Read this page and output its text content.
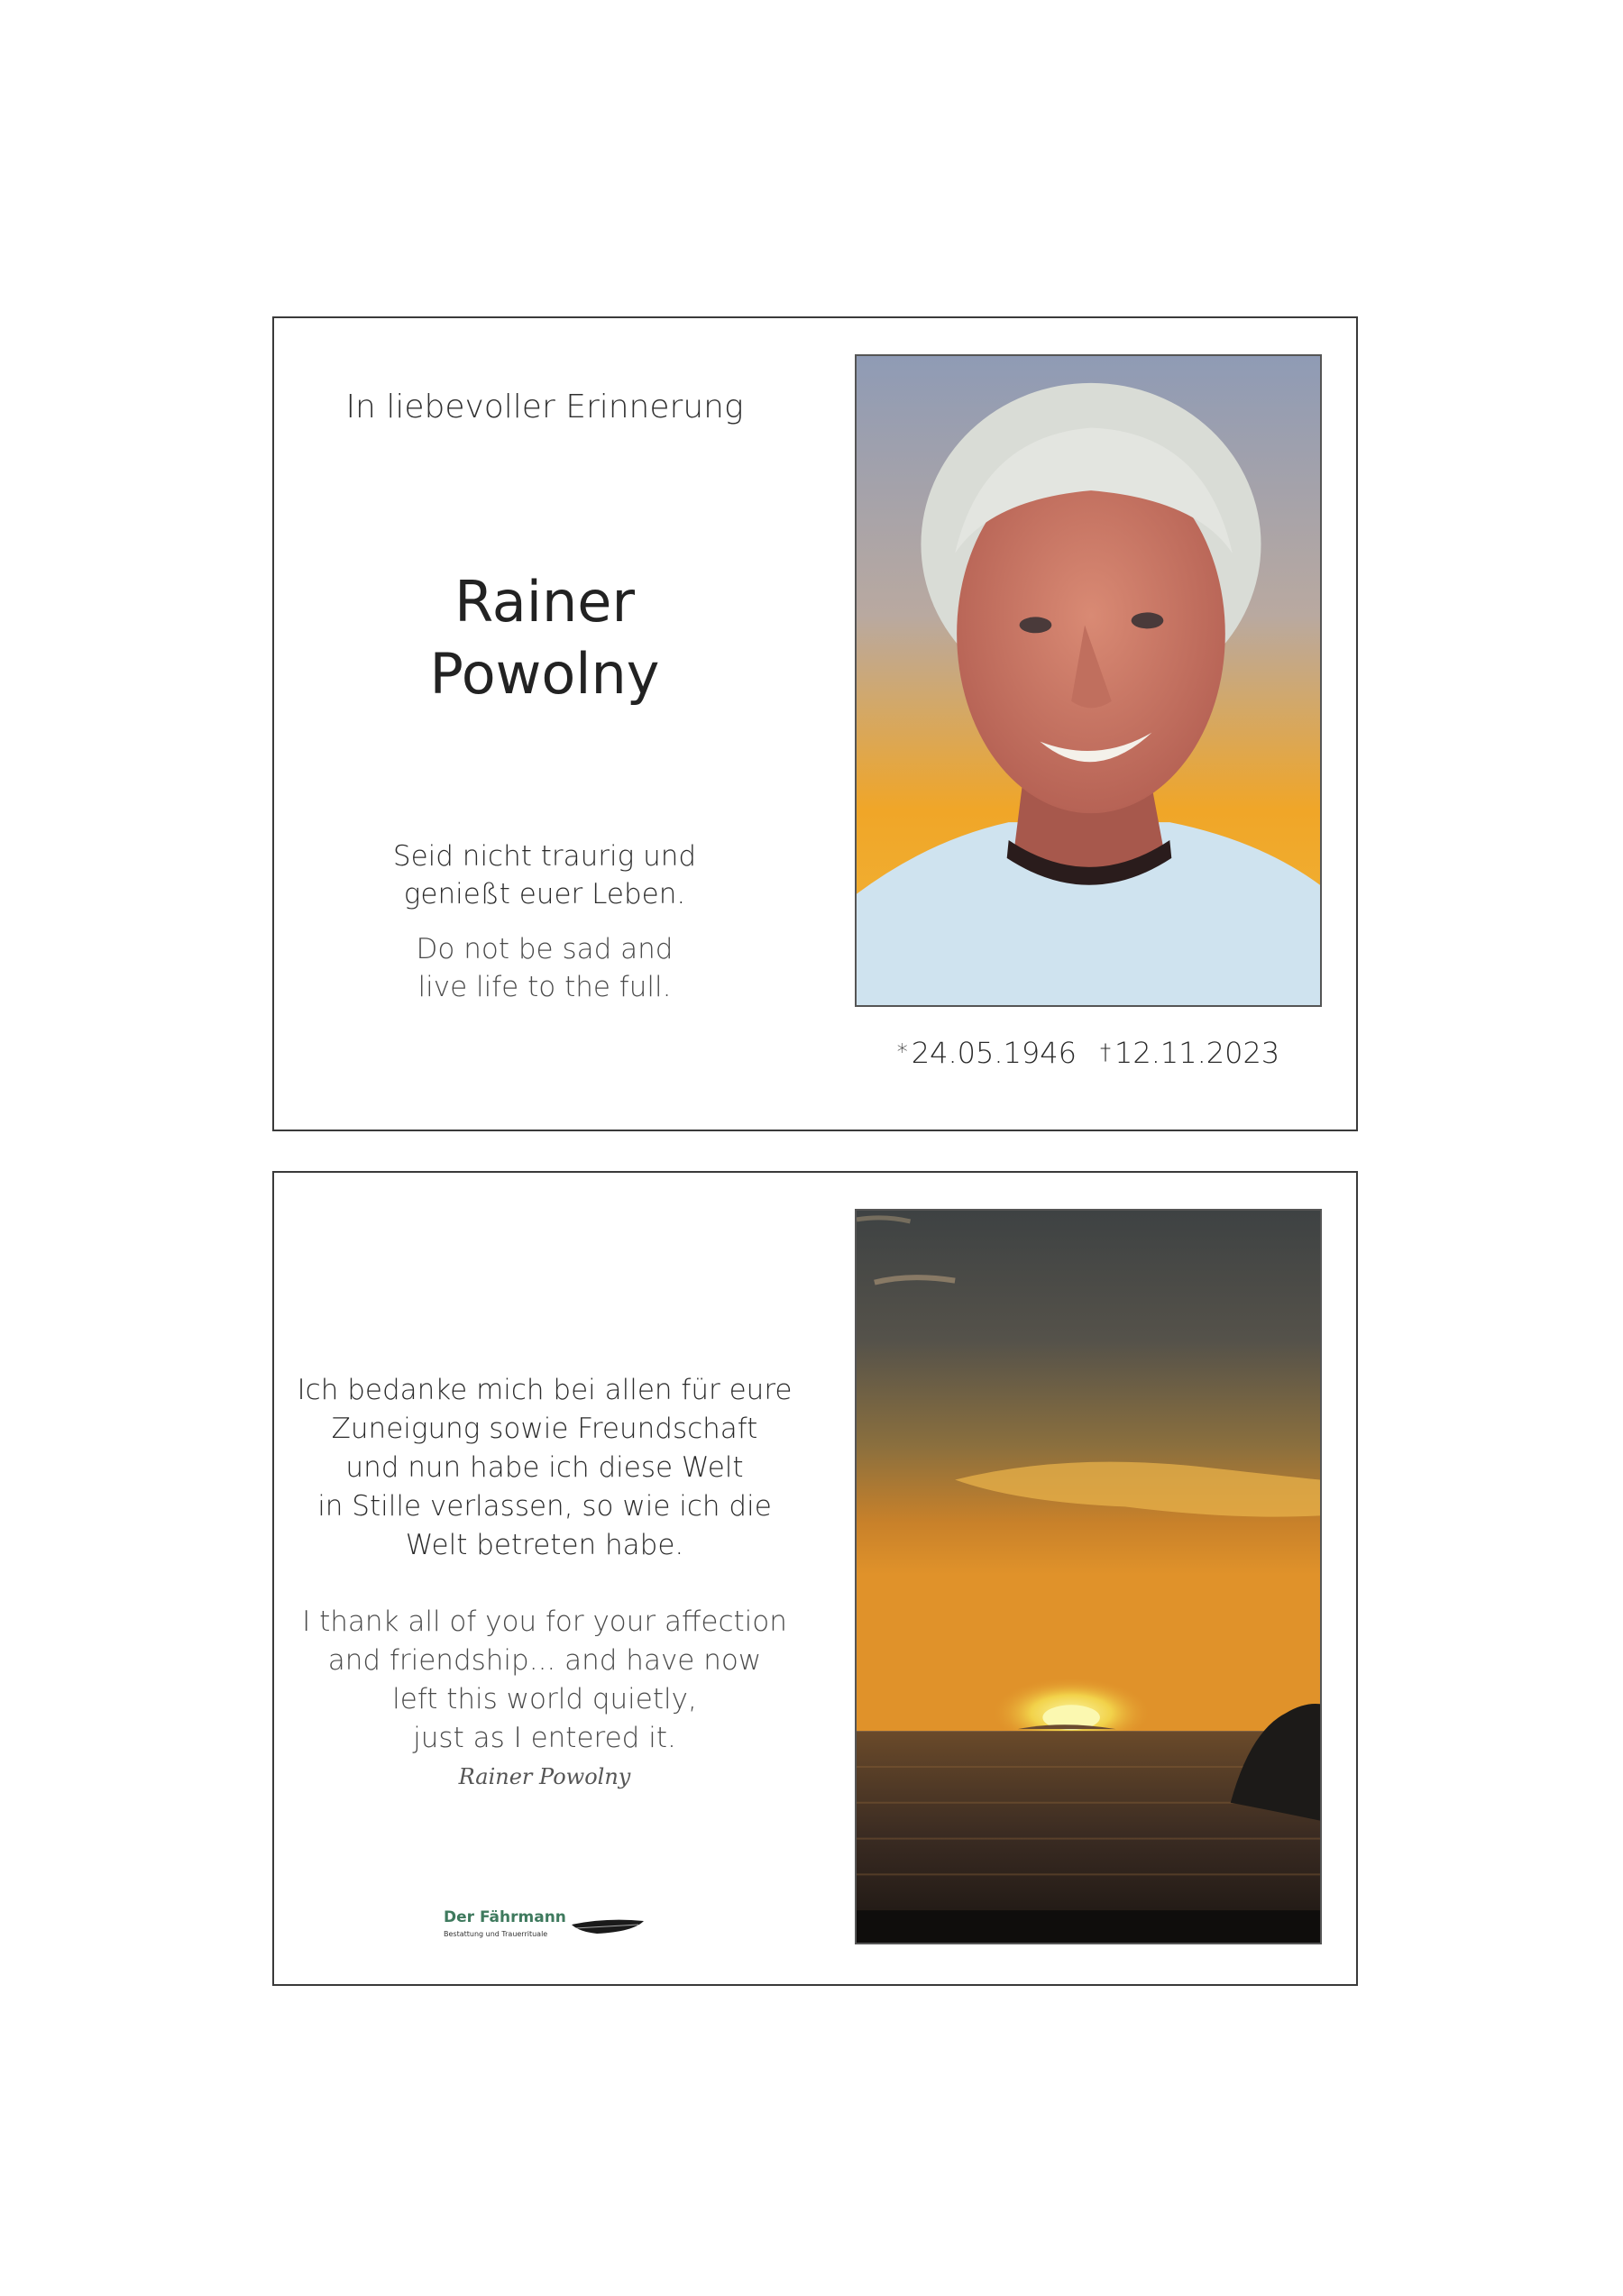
In liebevoller Erinnerung
Rainer
Powolny
Seid nicht traurig und
genießt euer Leben.
Do not be sad and
live life to the full.
* 24.05.1946 † 12.11.2023
Ich bedanke mich bei allen für eure
Zuneigung sowie Freundschaft
und nun habe ich diese Welt
in Stille verlassen, so wie ich die
Welt betreten habe.
I thank all of you for your affection
and friendship... and have now
left this world quietly,
just as I entered it.
Rainer Powolny
Der Fährmann
Bestattung und Trauerrituale
